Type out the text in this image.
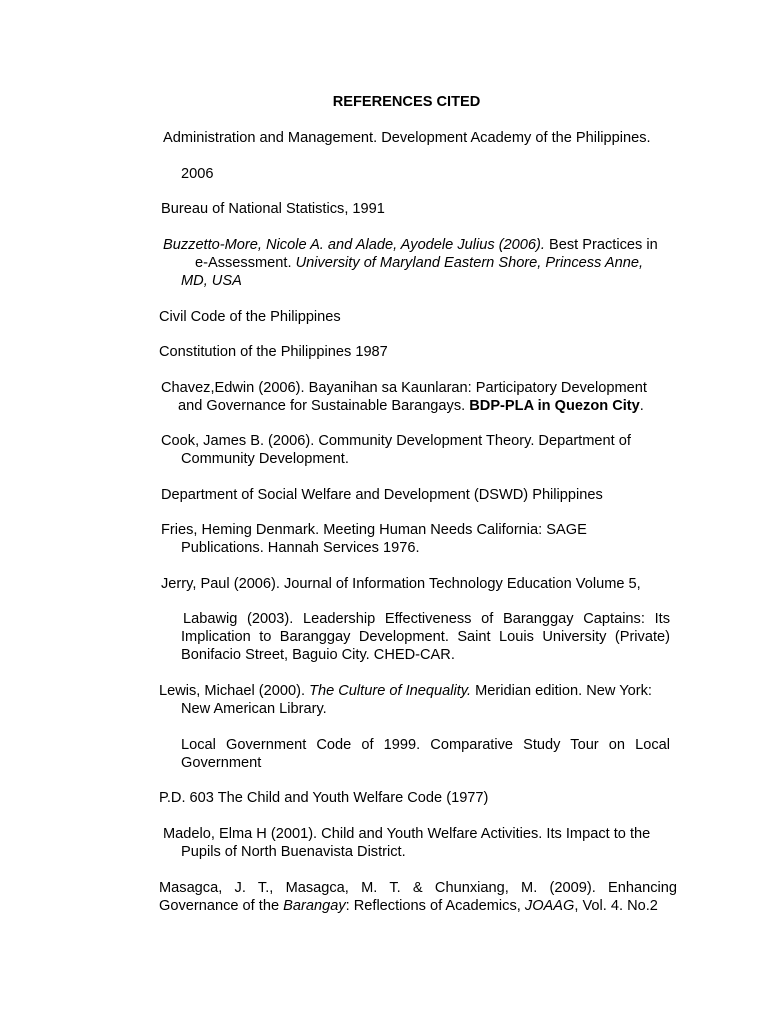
REFERENCES CITED
Administration and Management. Development Academy of the Philippines.
2006
Bureau of National Statistics, 1991
Buzzetto-More, Nicole A. and Alade, Ayodele Julius (2006). Best Practices in
e-Assessment. University of Maryland Eastern Shore, Princess Anne,
MD, USA
Civil Code of the Philippines
Constitution of the Philippines 1987
Chavez,Edwin (2006). Bayanihan sa Kaunlaran: Participatory Development
and Governance for Sustainable Barangays. BDP-PLA in Quezon City.
Cook, James B. (2006). Community Development Theory. Department of
Community Development.
Department of Social Welfare and Development (DSWD) Philippines
Fries, Heming Denmark. Meeting Human Needs California: SAGE
Publications. Hannah Services 1976.
Jerry, Paul (2006). Journal of Information Technology Education Volume 5,
Labawig (2003). Leadership Effectiveness of Baranggay Captains: Its
Implication to Baranggay Development. Saint Louis University (Private)
Bonifacio Street, Baguio City. CHED-CAR.
Lewis, Michael (2000). The Culture of Inequality. Meridian edition. New York:
New American Library.
Local Government Code of 1999. Comparative Study Tour on Local
Government
P.D. 603 The Child and Youth Welfare Code (1977)
Madelo, Elma H (2001). Child and Youth Welfare Activities. Its Impact to the
Pupils of North Buenavista District.
Masagca, J. T., Masagca, M. T. & Chunxiang, M. (2009). Enhancing
Governance of the Barangay: Reflections of Academics, JOAAG, Vol. 4. No.2
